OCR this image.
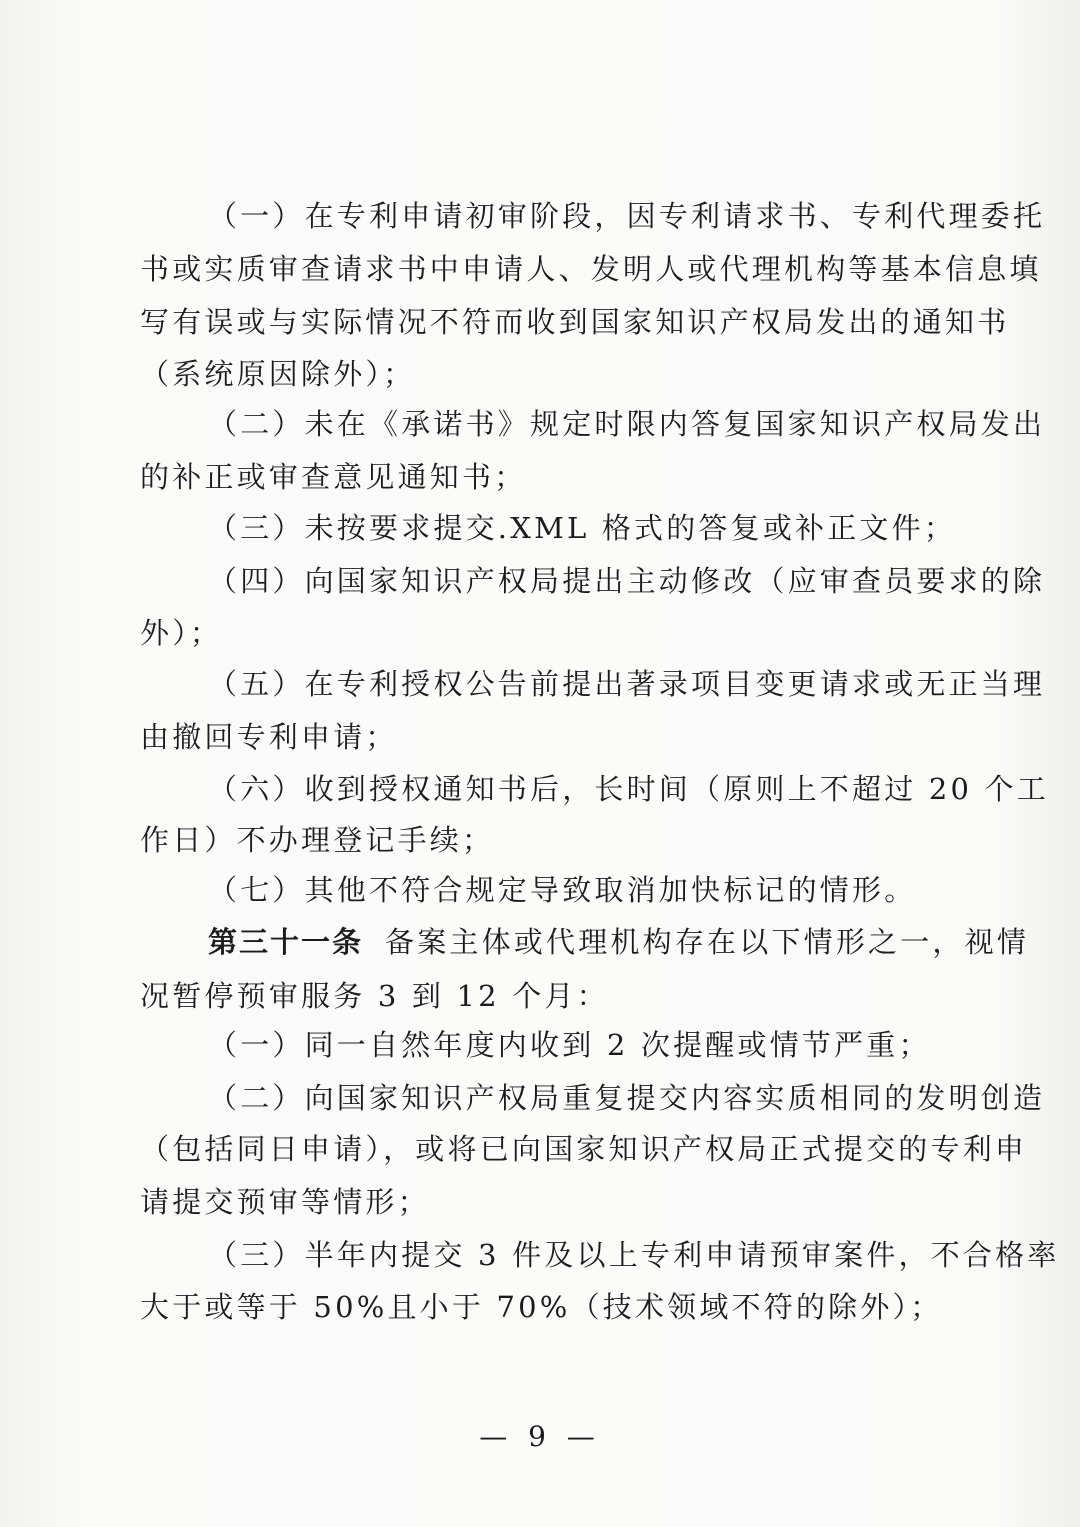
（一）在专利申请初审阶段，因专利请求书、专利代理委托
书或实质审查请求书中申请人、发明人或代理机构等基本信息填
写有误或与实际情况不符而收到国家知识产权局发出的通知书
（系统原因除外）；
（二）未在《承诺书》规定时限内答复国家知识产权局发出
的补正或审查意见通知书；
（三）未按要求提交.XML 格式的答复或补正文件；
（四）向国家知识产权局提出主动修改（应审查员要求的除
外）；
（五）在专利授权公告前提出著录项目变更请求或无正当理
由撤回专利申请；
（六）收到授权通知书后，长时间（原则上不超过 20 个工
作日）不办理登记手续；
（七）其他不符合规定导致取消加快标记的情形。
第三十一条 备案主体或代理机构存在以下情形之一，视情
况暂停预审服务 3 到 12 个月：
（一）同一自然年度内收到 2 次提醒或情节严重；
（二）向国家知识产权局重复提交内容实质相同的发明创造
（包括同日申请），或将已向国家知识产权局正式提交的专利申
请提交预审等情形；
（三）半年内提交 3 件及以上专利申请预审案件，不合格率
大于或等于 50%且小于 70%（技术领域不符的除外）；
— 9 —
